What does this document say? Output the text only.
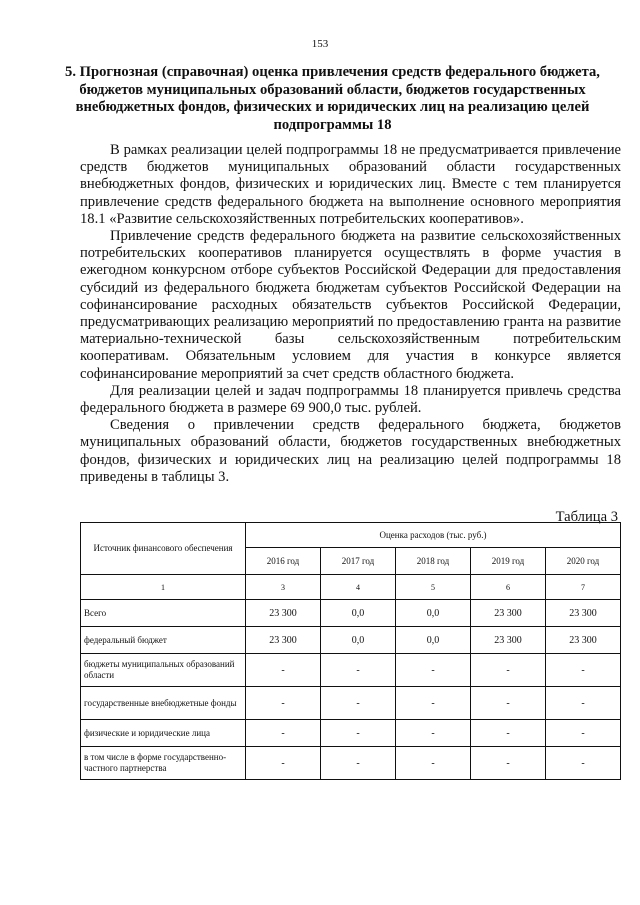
153
5. Прогнозная (справочная) оценка привлечения средств федерального бюджета, бюджетов муниципальных образований области, бюджетов государственных внебюджетных фондов, физических и юридических лиц на реализацию целей подпрограммы 18

В рамках реализации целей подпрограммы 18 не предусматривается привлечение средств бюджетов муниципальных образований области государственных внебюджетных фондов, физических и юридических лиц. Вместе с тем планируется привлечение средств федерального бюджета на выполнение основного мероприятия 18.1 «Развитие сельскохозяйственных потребительских кооперативов».

Привлечение средств федерального бюджета на развитие сельскохозяйственных потребительских кооперативов планируется осуществлять в форме участия в ежегодном конкурсном отборе субъектов Российской Федерации для предоставления субсидий из федерального бюджета бюджетам субъектов Российской Федерации на софинансирование расходных обязательств субъектов Российской Федерации, предусматривающих реализацию мероприятий по предоставлению гранта на развитие материально-технической базы сельскохозяйственным потребительским кооперативам. Обязательным условием для участия в конкурсе является софинансирование мероприятий за счет средств областного бюджета.

Для реализации целей и задач подпрограммы 18 планируется привлечь средства федерального бюджета в размере 69 900,0 тыс. рублей.

Сведения о привлечении средств федерального бюджета, бюджетов муниципальных образований области, бюджетов государственных внебюджетных фондов, физических и юридических лиц на реализацию целей подпрограммы 18 приведены в таблицы 3.

Таблица 3
Источник финансового обеспечения	Оценка расходов (тыс. руб.)				
	2016 год	2017 год	2018 год	2019 год	2020 год
1	3	4	5	6	7
Всего	23 300	0,0	0,0	23 300	23 300
федеральный бюджет	23 300	0,0	0,0	23 300	23 300
бюджеты муниципальных образований области	-	-	-	-	-
государственные внебюджетные фонды	-	-	-	-	-
физические и юридические лица	-	-	-	-	-
в том числе в форме государственно-частного партнерства	-	-	-	-	-
